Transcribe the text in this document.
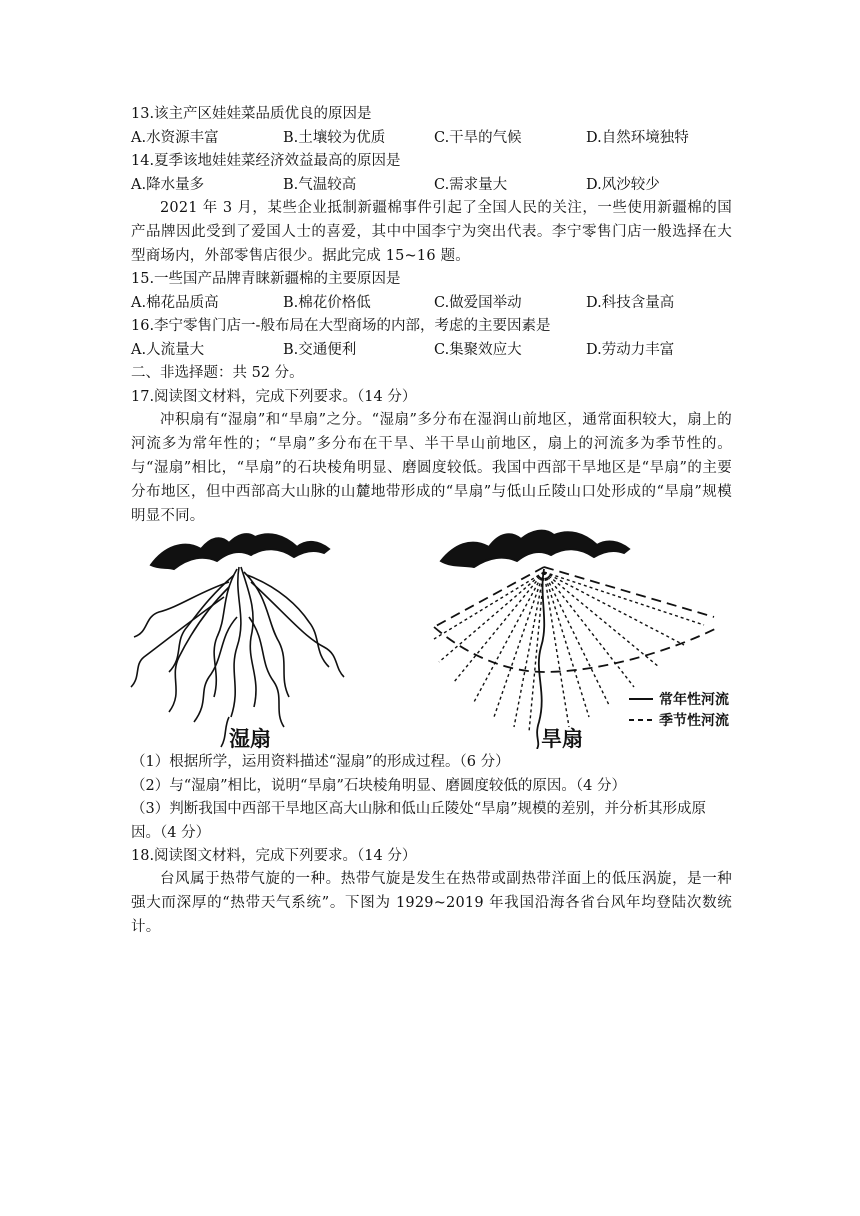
13.该主产区娃娃菜品质优良的原因是
A.水资源丰富	B.土壤较为优质	C.干旱的气候	D.自然环境独特
14.夏季该地娃娃菜经济效益最高的原因是
A.降水量多	B.气温较高	C.需求量大	D.风沙较少
2021 年 3 月，某些企业抵制新疆棉事件引起了全国人民的关注，一些使用新疆棉的国产品牌因此受到了爱国人士的喜爱，其中中国李宁为突出代表。李宁零售门店一般选择在大型商场内，外部零售店很少。据此完成 15~16 题。
15.一些国产品牌青睐新疆棉的主要原因是
A.棉花品质高	B.棉花价格低	C.做爱国举动	D.科技含量高
16.李宁零售门店一-般布局在大型商场的内部，考虑的主要因素是
A.人流量大	B.交通便利	C.集聚效应大	D.劳动力丰富
二、非选择题：共 52 分。
17.阅读图文材料，完成下列要求。（14 分）
冲积扇有“湿扇”和“旱扇”之分。“湿扇”多分布在湿润山前地区，通常面积较大，扇上的河流多为常年性的；“旱扇”多分布在干旱、半干旱山前地区，扇上的河流多为季节性的。与“湿扇”相比，“旱扇”的石块棱角明显、磨圆度较低。我国中西部干旱地区是“旱扇”的主要分布地区，但中西部高大山脉的山麓地带形成的“旱扇”与低山丘陵山口处形成的“旱扇”规模明显不同。
湿扇	旱扇
常年性河流
季节性河流
（1）根据所学，运用资料描述“湿扇”的形成过程。（6 分）
（2）与“湿扇”相比，说明“旱扇”石块棱角明显、磨圆度较低的原因。（4 分）
（3）判断我国中西部干旱地区高大山脉和低山丘陵处“旱扇”规模的差别，并分析其形成原因。（4 分）
18.阅读图文材料，完成下列要求。（14 分）
台风属于热带气旋的一种。热带气旋是发生在热带或副热带洋面上的低压涡旋，是一种强大而深厚的“热带天气系统”。下图为 1929~2019 年我国沿海各省台风年均登陆次数统计。
